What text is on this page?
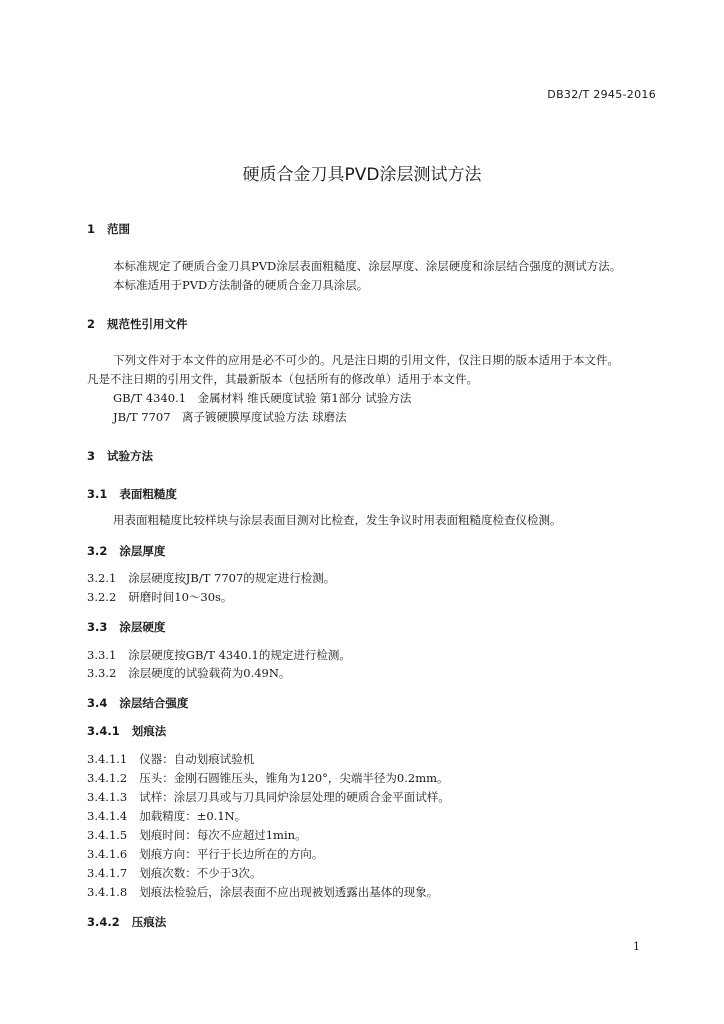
DB32/T 2945-2016
硬质合金刀具PVD涂层测试方法
1 范围
本标准规定了硬质合金刀具PVD涂层表面粗糙度、涂层厚度、涂层硬度和涂层结合强度的测试方法。
本标准适用于PVD方法制备的硬质合金刀具涂层。
2 规范性引用文件
下列文件对于本文件的应用是必不可少的。凡是注日期的引用文件，仅注日期的版本适用于本文件。
凡是不注日期的引用文件，其最新版本（包括所有的修改单）适用于本文件。
GB/T 4340.1　金属材料 维氏硬度试验 第1部分 试验方法
JB/T 7707　离子镀硬膜厚度试验方法 球磨法
3 试验方法
3.1 表面粗糙度
用表面粗糙度比较样块与涂层表面目测对比检查，发生争议时用表面粗糙度检查仪检测。
3.2 涂层厚度
3.2.1 涂层硬度按JB/T 7707的规定进行检测。
3.2.2 研磨时间10～30s。
3.3 涂层硬度
3.3.1 涂层硬度按GB/T 4340.1的规定进行检测。
3.3.2 涂层硬度的试验载荷为0.49N。
3.4 涂层结合强度
3.4.1 划痕法
3.4.1.1 仪器：自动划痕试验机
3.4.1.2 压头：金刚石圆锥压头，锥角为120°，尖端半径为0.2mm。
3.4.1.3 试样：涂层刀具或与刀具同炉涂层处理的硬质合金平面试样。
3.4.1.4 加载精度：±0.1N。
3.4.1.5 划痕时间：每次不应超过1min。
3.4.1.6 划痕方向：平行于长边所在的方向。
3.4.1.7 划痕次数：不少于3次。
3.4.1.8 划痕法检验后，涂层表面不应出现被划透露出基体的现象。
3.4.2 压痕法
1
